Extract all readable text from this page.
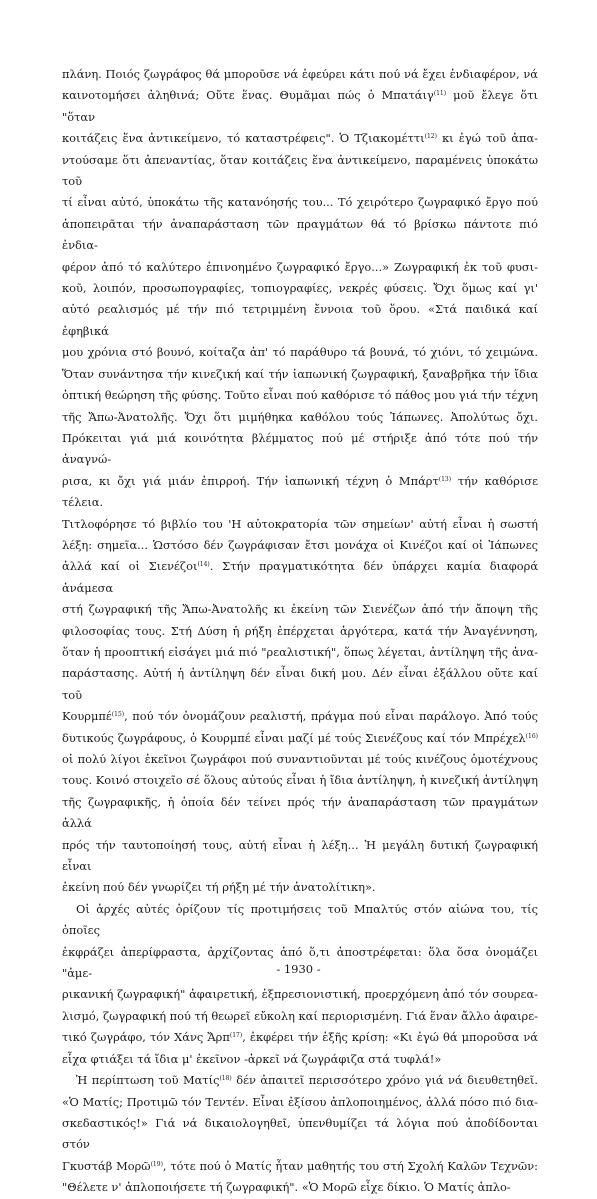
πλάνη. Ποιός ζωγράφος θά μποροῦσε νά ἐφεύρει κάτι πού νά ἔχει ἐνδιαφέρον, νά
καινοτομήσει ἀληθινά; Οὔτε ἕνας. Θυμᾶμαι πώς ὁ Μπατάιγ$^{(11)}$ μοῦ ἔλεγε ὅτι "ὅταν
κοιτάζεις ἕνα ἀντικείμενο, τό καταστρέφεις". Ὁ Τζιακομέττι$^{(12)}$ κι ἐγώ τοῦ ἀπα-
ντούσαμε ὅτι ἀπεναντίας, ὅταν κοιτάζεις ἕνα ἀντικείμενο, παραμένεις ὑποκάτω τοῦ
τί εἶναι αὐτό, ὑποκάτω τῆς κατανόησής του... Τό χειρότερο ζωγραφικό ἔργο πού
ἀποπειρᾶται τήν ἀναπαράσταση τῶν πραγμάτων θά τό βρίσκω πάντοτε πιό ἐνδια-
φέρον ἀπό τό καλύτερο ἐπινοημένο ζωγραφικό ἔργο...» Ζωγραφική ἐκ τοῦ φυσι-
κοῦ, λοιπόν, προσωπογραφίες, τοπιογραφίες, νεκρές φύσεις. Ὄχι ὅμως καί γι'
αὐτό ρεαλισμός μέ τήν πιό τετριμμένη ἔννοια τοῦ ὅρου. «Στά παιδικά καί ἐφηβικά
μου χρόνια στό βουνό, κοίταζα ἀπ' τό παράθυρο τά βουνά, τό χιόνι, τό χειμώνα.
Ὅταν συνάντησα τήν κινεζική καί τήν ἰαπωνική ζωγραφική, ξαναβρῆκα τήν ἴδια
ὀπτική θεώρηση τῆς φύσης. Τοῦτο εἶναι πού καθόρισε τό πάθος μου γιά τήν τέχνη
τῆς Ἄπω-Ἀνατολῆς. Ὄχι ὅτι μιμήθηκα καθόλου τούς Ἰάπωνες. Ἀπολύτως ὄχι.
Πρόκειται γιά μιά κοινότητα βλέμματος πού μέ στήριξε ἀπό τότε πού τήν ἀναγνώ-
ρισα, κι ὄχι γιά μιάν ἐπιρροή. Τήν ἰαπωνική τέχνη ὁ Μπάρτ$^{(13)}$ τήν καθόρισε τέλεια.
Τιτλοφόρησε τό βιβλίο του 'Η αὐτοκρατορία τῶν σημείων' αὐτή εἶναι ἡ σωστή
λέξη: σημεῖα... Ὡστόσο δέν ζωγράφισαν ἔτσι μονάχα οἱ Κινέζοι καί οἱ Ἰάπωνες
ἀλλά καί οἱ Σιενέζοι$^{(14)}$. Στήν πραγματικότητα δέν ὑπάρχει καμία διαφορά ἀνάμεσα
στή ζωγραφική τῆς Ἄπω-Ἀνατολῆς κι ἐκείνη τῶν Σιενέζων ἀπό τήν ἄποψη τῆς
φιλοσοφίας τους. Στή Δύση ἡ ρήξη ἐπέρχεται ἀργότερα, κατά τήν Ἀναγέννηση,
ὅταν ἡ προοπτική εἰσάγει μιά πιό "ρεαλιστική", ὅπως λέγεται, ἀντίληψη τῆς ἀνα-
παράστασης. Αὐτή ἡ ἀντίληψη δέν εἶναι δική μου. Δέν εἶναι ἐξάλλου οὔτε καί τοῦ
Κουρμπέ$^{(15)}$, πού τόν ὀνομάζουν ρεαλιστή, πράγμα πού εἶναι παράλογο. Ἀπό τούς
δυτικούς ζωγράφους, ὁ Κουρμπέ εἶναι μαζί μέ τούς Σιενέζους καί τόν Μπρέχελ$^{(16)}$
οἱ πολύ λίγοι ἐκεῖνοι ζωγράφοι πού συναντιοῦνται μέ τούς κινέζους ὁμοτέχνους
τους. Κοινό στοιχεῖο σέ ὅλους αὐτούς εἶναι ἡ ἴδια ἀντίληψη, ἡ κινεζική ἀντίληψη
τῆς ζωγραφικῆς, ἡ ὁποία δέν τείνει πρός τήν ἀναπαράσταση τῶν πραγμάτων ἀλλά
πρός τήν ταυτοποίησή τους, αὐτή εἶναι ἡ λέξη... Ἡ μεγάλη δυτική ζωγραφική εἶναι
ἐκείνη πού δέν γνωρίζει τή ρήξη μέ τήν ἀνατολίτικη».

Οἱ ἀρχές αὐτές ὁρίζουν τίς προτιμήσεις τοῦ Μπαλτύς στόν αἰώνα του, τίς ὁποῖες
ἐκφράζει ἀπερίφραστα, ἀρχίζοντας ἀπό ὅ,τι ἀποστρέφεται: ὅλα ὅσα ὀνομάζει "ἀμε-
ρικανική ζωγραφική" ἀφαιρετική, ἐξπρεσιονιστική, προερχόμενη ἀπό τόν σουρεα-
λισμό, ζωγραφική πού τή θεωρεῖ εὔκολη καί περιορισμένη. Γιά ἕναν ἄλλο ἀφαιρε-
τικό ζωγράφο, τόν Χάνς Ἄρπ$^{(17)}$, ἐκφέρει τήν ἑξῆς κρίση: «Κι ἐγώ θά μποροῦσα νά
εἶχα φτιάξει τά ἴδια μ' ἐκεῖνον -ἀρκεῖ νά ζωγράφιζα στά τυφλά!»

Ἡ περίπτωση τοῦ Ματίς$^{(18)}$ δέν ἀπαιτεῖ περισσότερο χρόνο γιά νά διευθετηθεῖ.
«Ὁ Ματίς; Προτιμῶ τόν Τεντέν. Εἶναι ἐξίσου ἁπλοποιημένος, ἀλλά πόσο πιό δια-
σκεδαστικός!» Γιά νά δικαιολογηθεῖ, ὑπενθυμίζει τά λόγια πού ἀποδίδονται στόν
Γκυστάβ Μορῶ$^{(19)}$, τότε πού ὁ Ματίς ἦταν μαθητής του στή Σχολή Καλῶν Τεχνῶν:
"Θέλετε ν' ἁπλοποιήσετε τή ζωγραφική". «Ὁ Μορῶ εἶχε δίκιο. Ὁ Ματίς ἁπλο-

- 1930 -
